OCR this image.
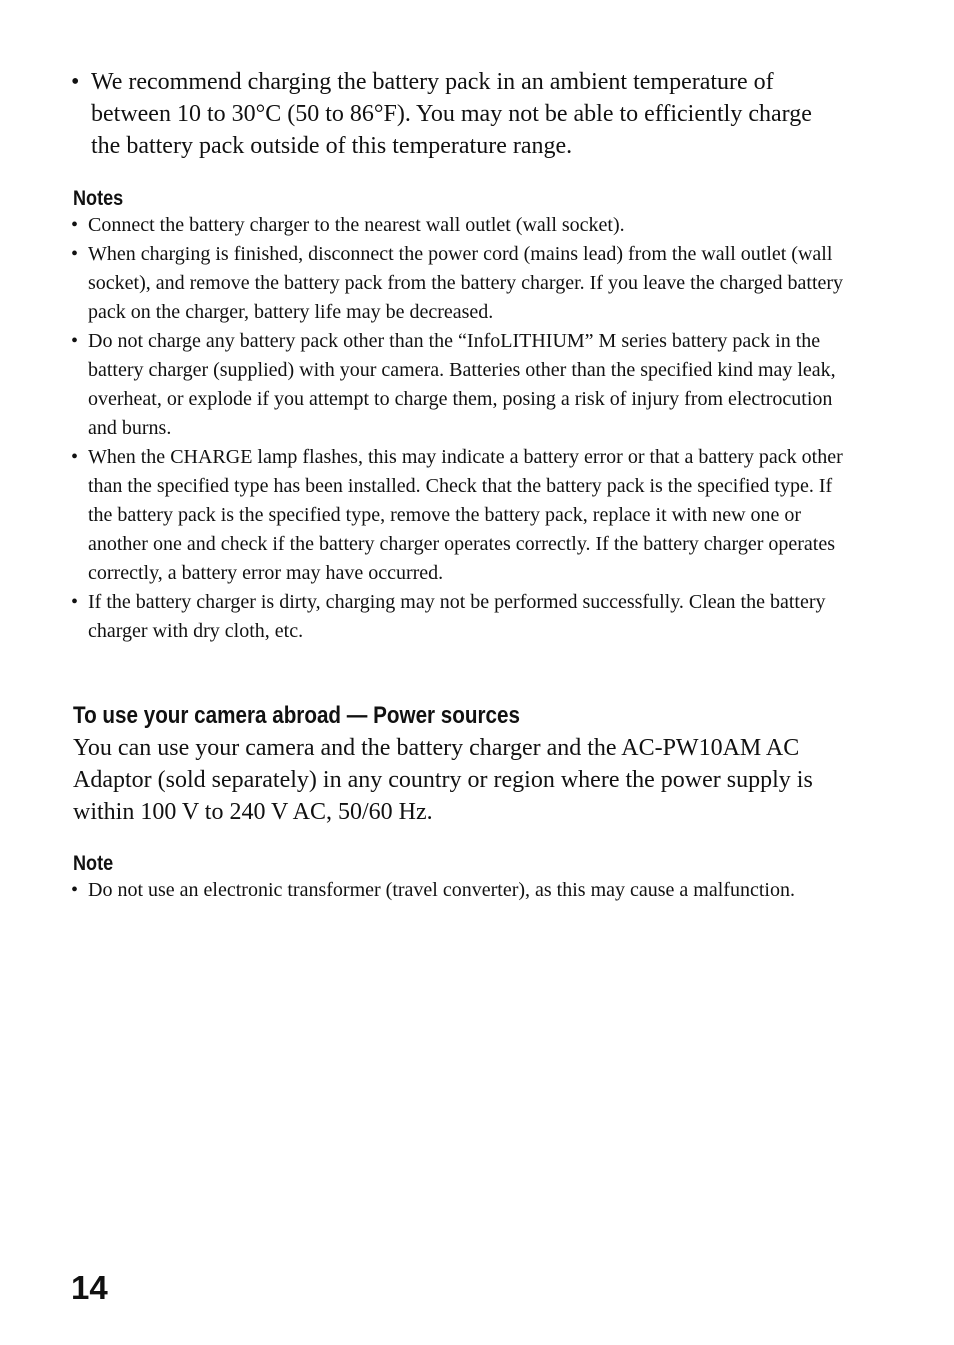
• We recommend charging the battery pack in an ambient temperature of between 10 to 30°C (50 to 86°F). You may not be able to efficiently charge the battery pack outside of this temperature range.
Notes
• Connect the battery charger to the nearest wall outlet (wall socket).
• When charging is finished, disconnect the power cord (mains lead) from the wall outlet (wall socket), and remove the battery pack from the battery charger. If you leave the charged battery pack on the charger, battery life may be decreased.
• Do not charge any battery pack other than the “InfoLITHIUM” M series battery pack in the battery charger (supplied) with your camera. Batteries other than the specified kind may leak, overheat, or explode if you attempt to charge them, posing a risk of injury from electrocution and burns.
• When the CHARGE lamp flashes, this may indicate a battery error or that a battery pack other than the specified type has been installed. Check that the battery pack is the specified type. If the battery pack is the specified type, remove the battery pack, replace it with new one or another one and check if the battery charger operates correctly. If the battery charger operates correctly, a battery error may have occurred.
• If the battery charger is dirty, charging may not be performed successfully. Clean the battery charger with dry cloth, etc.
To use your camera abroad — Power sources
You can use your camera and the battery charger and the AC-PW10AM AC Adaptor (sold separately) in any country or region where the power supply is within 100 V to 240 V AC, 50/60 Hz.
Note
• Do not use an electronic transformer (travel converter), as this may cause a malfunction.
14
